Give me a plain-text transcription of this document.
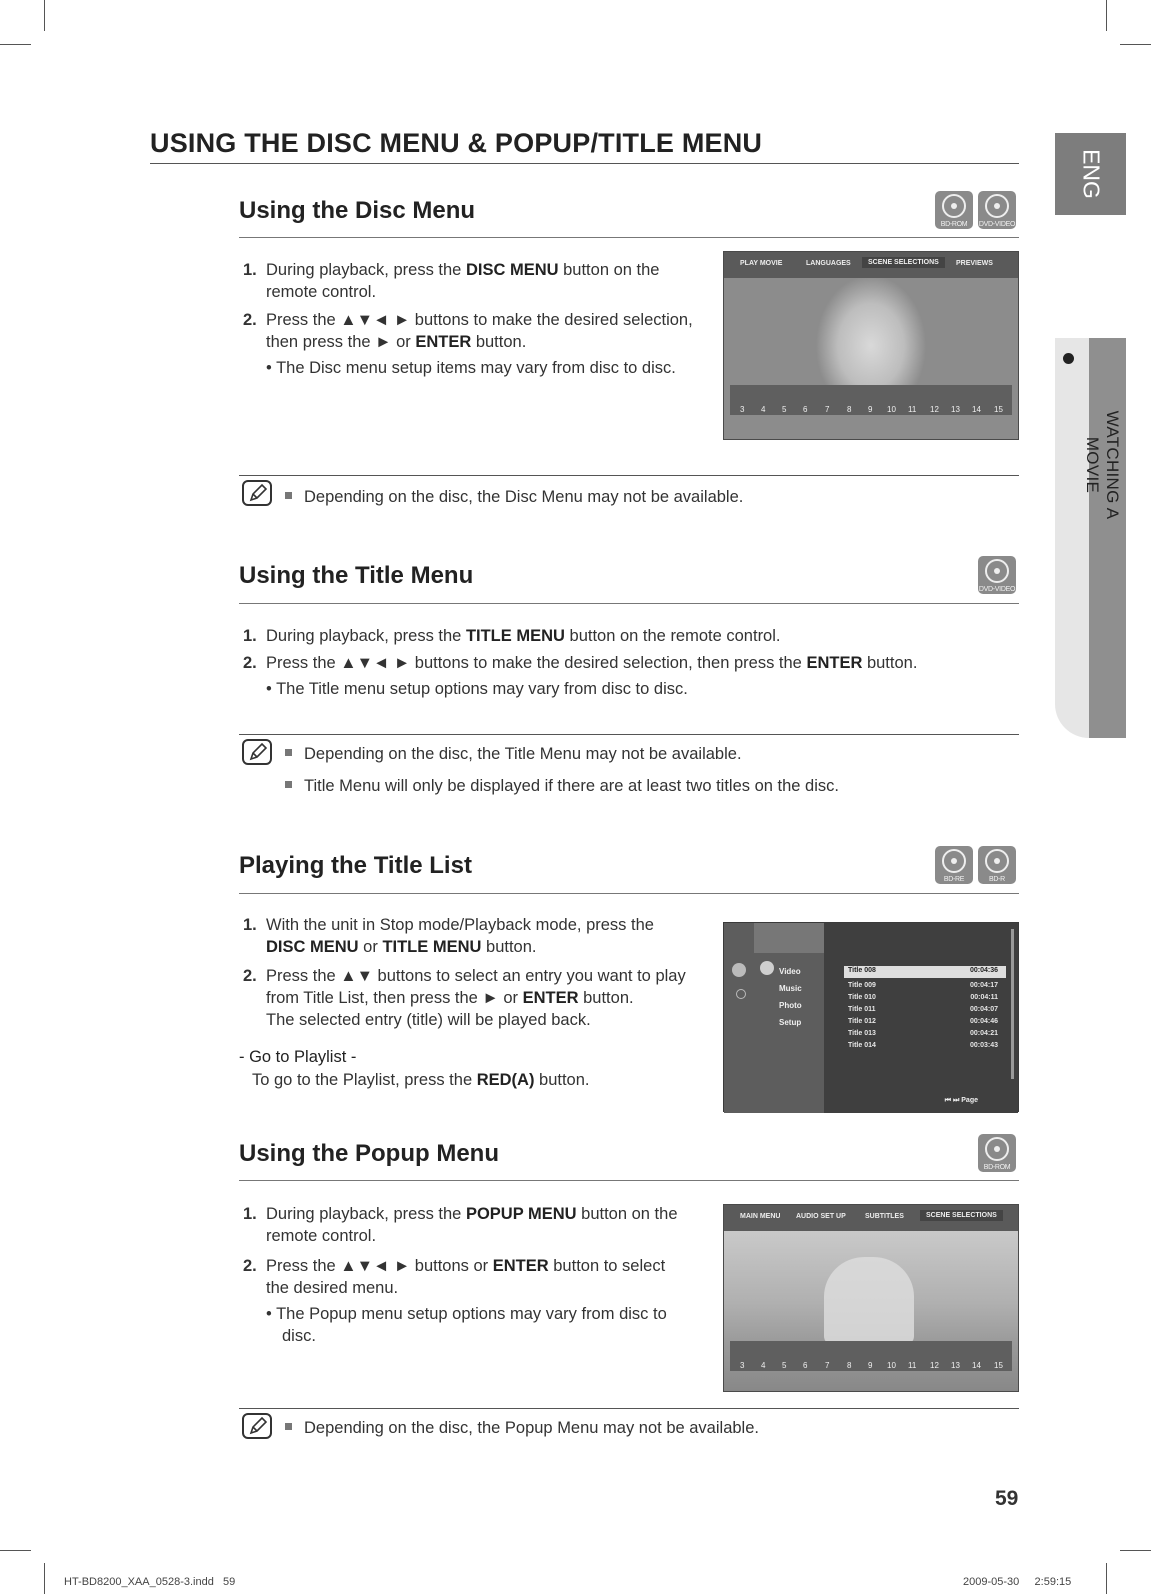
USING THE DISC MENU & POPUP/TITLE MENU
ENG
WATCHING A MOVIE
Using the Disc Menu
BD-ROM	DVD-VIDEO
1. During playback, press the DISC MENU button on the
remote control.
2. Press the ▲▼◄ ► buttons to make the desired selection,
then press the ► or ENTER button.
• The Disc menu setup items may vary from disc to disc.
PLAY MOVIE	LANGUAGES	SCENE SELECTIONS	PREVIEWS
3 4 5 6 7 8 9 10 11 12 13 14 15
Depending on the disc, the Disc Menu may not be available.
Using the Title Menu
DVD-VIDEO
1. During playback, press the TITLE MENU button on the remote control.
2. Press the ▲▼◄ ► buttons to make the desired selection, then press the ENTER button.
• The Title menu setup options may vary from disc to disc.
Depending on the disc, the Title Menu may not be available.
Title Menu will only be displayed if there are at least two titles on the disc.
Playing the Title List
BD-RE	BD-R
1. With the unit in Stop mode/Playback mode, press the
DISC MENU or TITLE MENU button.
2. Press the ▲▼ buttons to select an entry you want to play
from Title List, then press the ► or ENTER button.
The selected entry (title) will be played back.
- Go to Playlist -
To go to the Playlist, press the RED(A) button.
Video
Music
Photo
Setup
Title 008	00:04:36
Title 009	00:04:17
Title 010	00:04:11
Title 011	00:04:07
Title 012	00:04:46
Title 013	00:04:21
Title 014	00:03:43
⏮ ⏭ Page
Using the Popup Menu
BD-ROM
1. During playback, press the POPUP MENU button on the
remote control.
2. Press the ▲▼◄ ► buttons or ENTER button to select
the desired menu.
• The Popup menu setup options may vary from disc to
disc.
MAIN MENU AUDIO SET UP	SUBTITLES	SCENE SELECTIONS
3 4 5 6 7 8 9 10 11 12 13 14 15
Depending on the disc, the Popup Menu may not be available.
59
HT-BD8200_XAA_0528-3.indd   59	2009-05-30     2:59:15
